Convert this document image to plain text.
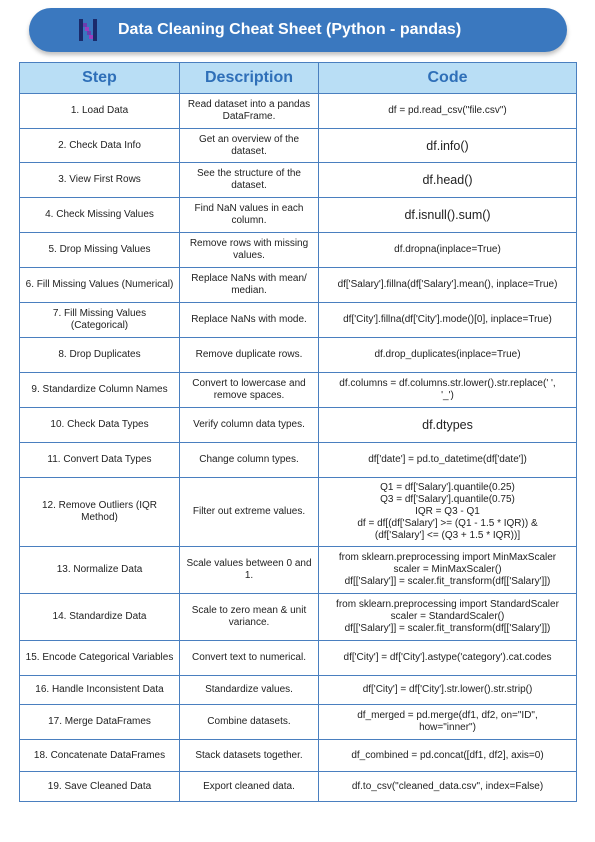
Data Cleaning Cheat Sheet (Python - pandas)
Step	Description	Code
1. Load Data	Read dataset into a pandas DataFrame.	df = pd.read_csv("file.csv")

2. Check Data Info	Get an overview of the dataset.	df.info()

3. View First Rows	See the structure of the dataset.	df.head()

4. Check Missing Values	Find NaN values in each column.	df.isnull().sum()

5. Drop Missing Values	Remove rows with missing values.	df.dropna(inplace=True)

6. Fill Missing Values (Numerical)	Replace NaNs with mean/ median.	df['Salary'].fillna(df['Salary'].mean(), inplace=True)

7. Fill Missing Values (Categorical)	Replace NaNs with mode.	df['City'].fillna(df['City'].mode()[0], inplace=True)

8. Drop Duplicates	Remove duplicate rows.	df.drop_duplicates(inplace=True)

9. Standardize Column Names	Convert to lowercase and remove spaces.	df.columns = df.columns.str.lower().str.replace(' ',
'_')

10. Check Data Types	Verify column data types.	df.dtypes

11. Convert Data Types	Change column types.	df['date'] = pd.to_datetime(df['date'])

12. Remove Outliers (IQR Method)	Filter out extreme values.	Q1 = df['Salary'].quantile(0.25)
Q3 = df['Salary'].quantile(0.75)
IQR = Q3 - Q1
df = df[(df['Salary'] >= (Q1 - 1.5 * IQR)) &
(df['Salary'] <= (Q3 + 1.5 * IQR))]

13. Normalize Data	Scale values between 0 and 1.	from sklearn.preprocessing import MinMaxScaler
scaler = MinMaxScaler()
df[['Salary']] = scaler.fit_transform(df[['Salary']])

14. Standardize Data	Scale to zero mean & unit variance.	from sklearn.preprocessing import StandardScaler
scaler = StandardScaler()
df[['Salary']] = scaler.fit_transform(df[['Salary']])

15. Encode Categorical Variables	Convert text to numerical.	df['City'] = df['City'].astype('category').cat.codes

16. Handle Inconsistent Data	Standardize values.	df['City'] = df['City'].str.lower().str.strip()

17. Merge DataFrames	Combine datasets.	df_merged = pd.merge(df1, df2, on="ID",
how="inner")

18. Concatenate DataFrames	Stack datasets together.	df_combined = pd.concat([df1, df2], axis=0)

19. Save Cleaned Data	Export cleaned data.	df.to_csv("cleaned_data.csv", index=False)
